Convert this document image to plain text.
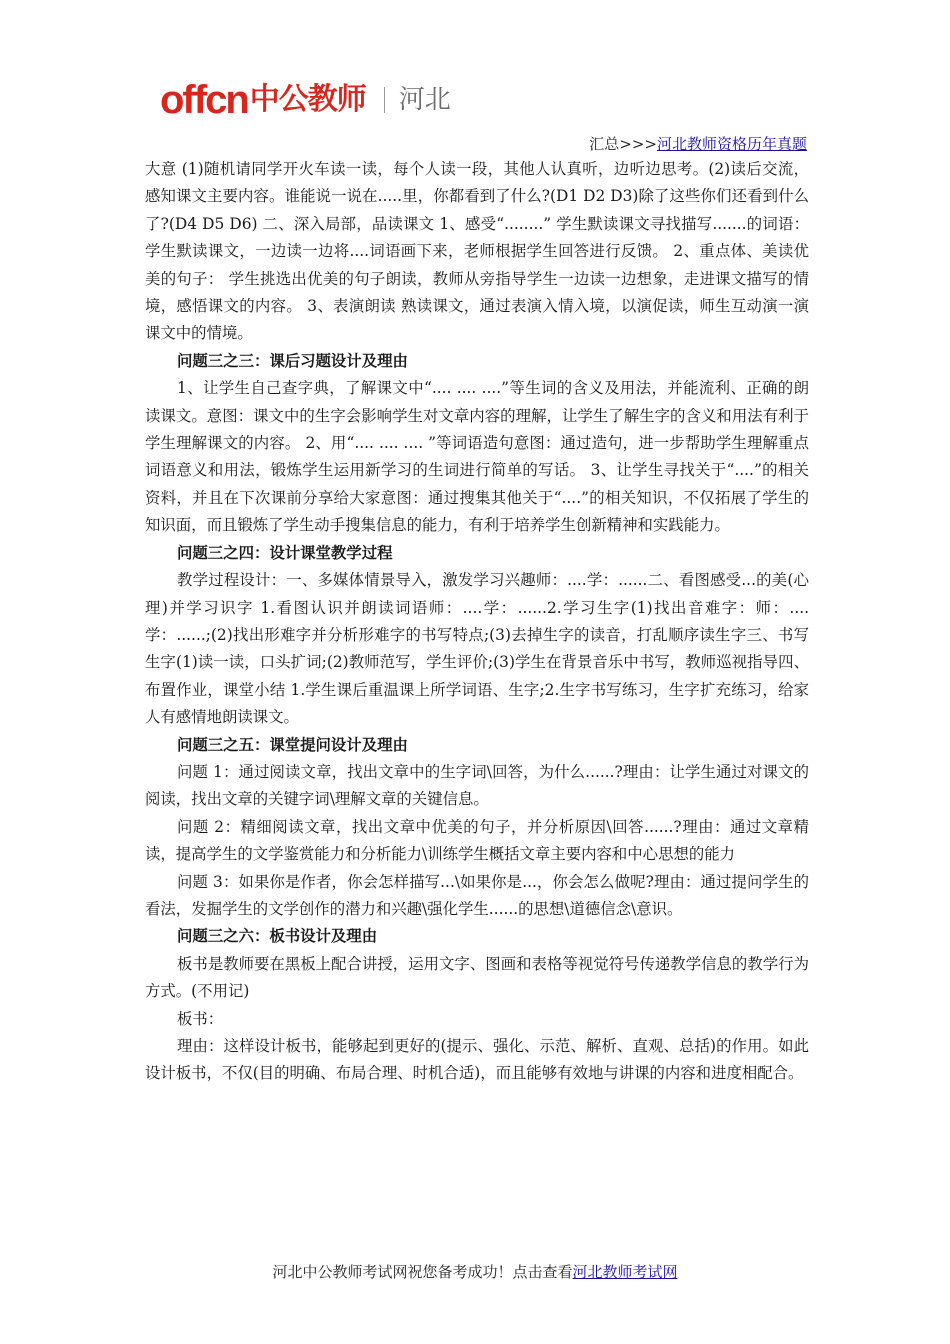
offcn 中公教师 河北
汇总>>>河北教师资格历年真题

大意 (1)随机请同学开火车读一读，每个人读一段，其他人认真听，边听边思考。(2)读后交流，感知课文主要内容。谁能说一说在.....里，你都看到了什么?(D1 D2 D3)除了这些你们还看到什么了?(D4 D5 D6) 二、深入局部，品读课文 1、感受“........” 学生默读课文寻找描写.......的词语： 学生默读课文，一边读一边将....词语画下来，老师根据学生回答进行反馈。 2、重点体、美读优美的句子： 学生挑选出优美的句子朗读，教师从旁指导学生一边读一边想象，走进课文描写的情境，感悟课文的内容。 3、表演朗读 熟读课文，通过表演入情入境，以演促读，师生互动演一演课文中的情境。

问题三之三：课后习题设计及理由

1、让学生自己查字典，了解课文中“.... .... ....”等生词的含义及用法，并能流利、正确的朗读课文。意图：课文中的生字会影响学生对文章内容的理解，让学生了解生字的含义和用法有利于学生理解课文的内容。 2、用“.... .... .... ”等词语造句意图：通过造句，进一步帮助学生理解重点词语意义和用法，锻炼学生运用新学习的生词进行简单的写话。 3、让学生寻找关于“....”的相关资料，并且在下次课前分享给大家意图：通过搜集其他关于“....”的相关知识，不仅拓展了学生的知识面，而且锻炼了学生动手搜集信息的能力，有利于培养学生创新精神和实践能力。

问题三之四：设计课堂教学过程

教学过程设计：一、多媒体情景导入，激发学习兴趣师：....学：......二、看图感受...的美(心理)并学习识字 1.看图认识并朗读词语师：....学：......2.学习生字(1)找出音难字：师：....学：......;(2)找出形难字并分析形难字的书写特点;(3)去掉生字的读音，打乱顺序读生字三、书写生字(1)读一读，口头扩词;(2)教师范写，学生评价;(3)学生在背景音乐中书写，教师巡视指导四、布置作业，课堂小结 1.学生课后重温课上所学词语、生字;2.生字书写练习，生字扩充练习，给家人有感情地朗读课文。

问题三之五：课堂提问设计及理由

问题 1：通过阅读文章，找出文章中的生字词\回答，为什么......?理由：让学生通过对课文的阅读，找出文章的关键字词\理解文章的关键信息。

问题 2：精细阅读文章，找出文章中优美的句子，并分析原因\回答......?理由：通过文章精读，提高学生的文学鉴赏能力和分析能力\训练学生概括文章主要内容和中心思想的能力

问题 3：如果你是作者，你会怎样描写...\如果你是...，你会怎么做呢?理由：通过提问学生的看法，发掘学生的文学创作的潜力和兴趣\强化学生......的思想\道德信念\意识。

问题三之六：板书设计及理由

板书是教师要在黑板上配合讲授，运用文字、图画和表格等视觉符号传递教学信息的教学行为方式。(不用记)

板书：

理由：这样设计板书，能够起到更好的(提示、强化、示范、解析、直观、总括)的作用。如此设计板书，不仅(目的明确、布局合理、时机合适)，而且能够有效地与讲课的内容和进度相配合。

河北中公教师考试网祝您备考成功！点击查看河北教师考试网
